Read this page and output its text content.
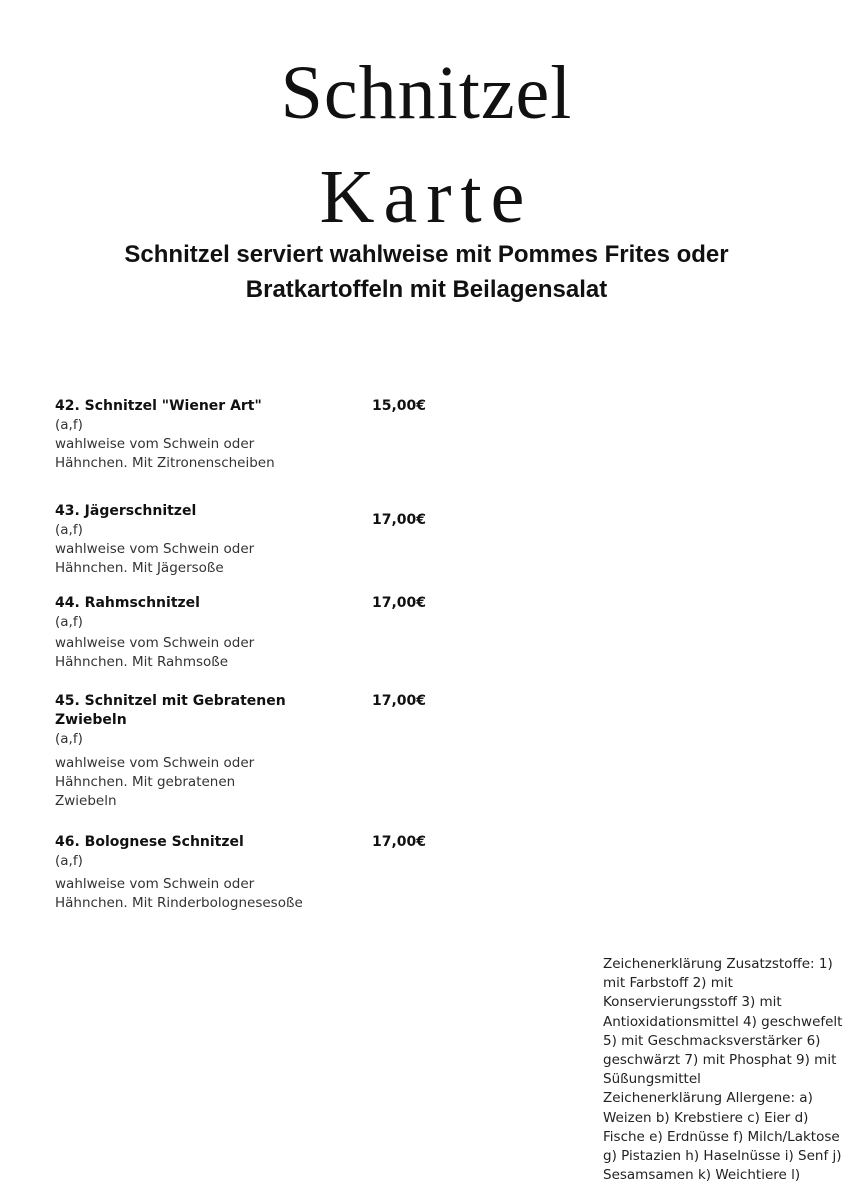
Schnitzel
Karte
Schnitzel serviert wahlweise mit Pommes Frites oder Bratkartoffeln mit Beilagensalat
42. Schnitzel "Wiener Art"
(a,f)
wahlweise vom Schwein oder Hähnchen. Mit Zitronenscheiben
15,00€
43. Jägerschnitzel
(a,f)
wahlweise vom Schwein oder Hähnchen. Mit Jägersoße
17,00€
44. Rahmschnitzel
(a,f)
wahlweise vom Schwein oder Hähnchen. Mit Rahmsoße
17,00€
45. Schnitzel mit Gebratenen Zwiebeln
(a,f)
wahlweise vom Schwein oder Hähnchen. Mit gebratenen Zwiebeln
17,00€
46. Bolognese Schnitzel
(a,f)
wahlweise vom Schwein oder Hähnchen. Mit Rinderbolognesesoße
17,00€

Zeichenerklärung Zusatzstoffe: 1) mit Farbstoff 2) mit Konservierungsstoff 3) mit Antioxidationsmittel 4) geschwefelt 5) mit Geschmacksverstärker 6) geschwärzt 7) mit Phosphat 9) mit Süßungsmittel

Zeichenerklärung Allergene: a) Weizen b) Krebstiere c) Eier d) Fische e) Erdnüsse f) Milch/Laktose g) Pistazien h) Haselnüsse i) Senf j) Sesamsamen k) Weichtiere l)
